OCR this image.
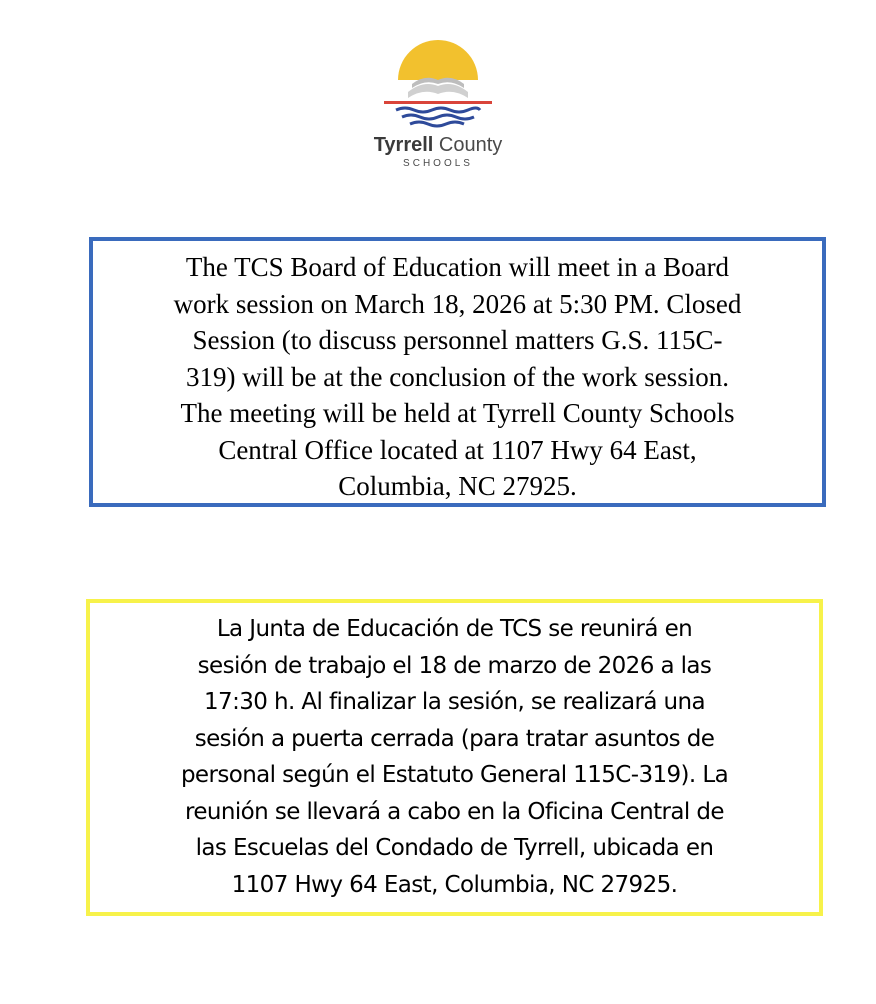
Tyrrell County
SCHOOLS
The TCS Board of Education will meet in a Board
work session on March 18, 2026 at 5:30 PM. Closed
Session (to discuss personnel matters G.S. 115C-
319) will be at the conclusion of the work session.
The meeting will be held at Tyrrell County Schools
Central Office located at 1107 Hwy 64 East,
Columbia, NC 27925.
La Junta de Educación de TCS se reunirá en
sesión de trabajo el 18 de marzo de 2026 a las
17:30 h. Al finalizar la sesión, se realizará una
sesión a puerta cerrada (para tratar asuntos de
personal según el Estatuto General 115C-319). La
reunión se llevará a cabo en la Oficina Central de
las Escuelas del Condado de Tyrrell, ubicada en
1107 Hwy 64 East, Columbia, NC 27925.
